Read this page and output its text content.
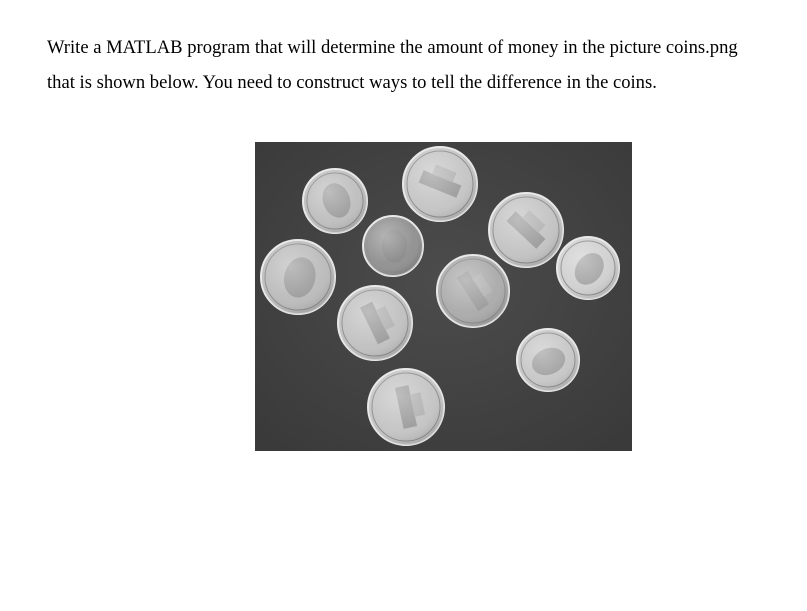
Write a MATLAB program that will determine the amount of money in the picture coins.png
that is shown below. You need to construct ways to tell the difference in the coins.
